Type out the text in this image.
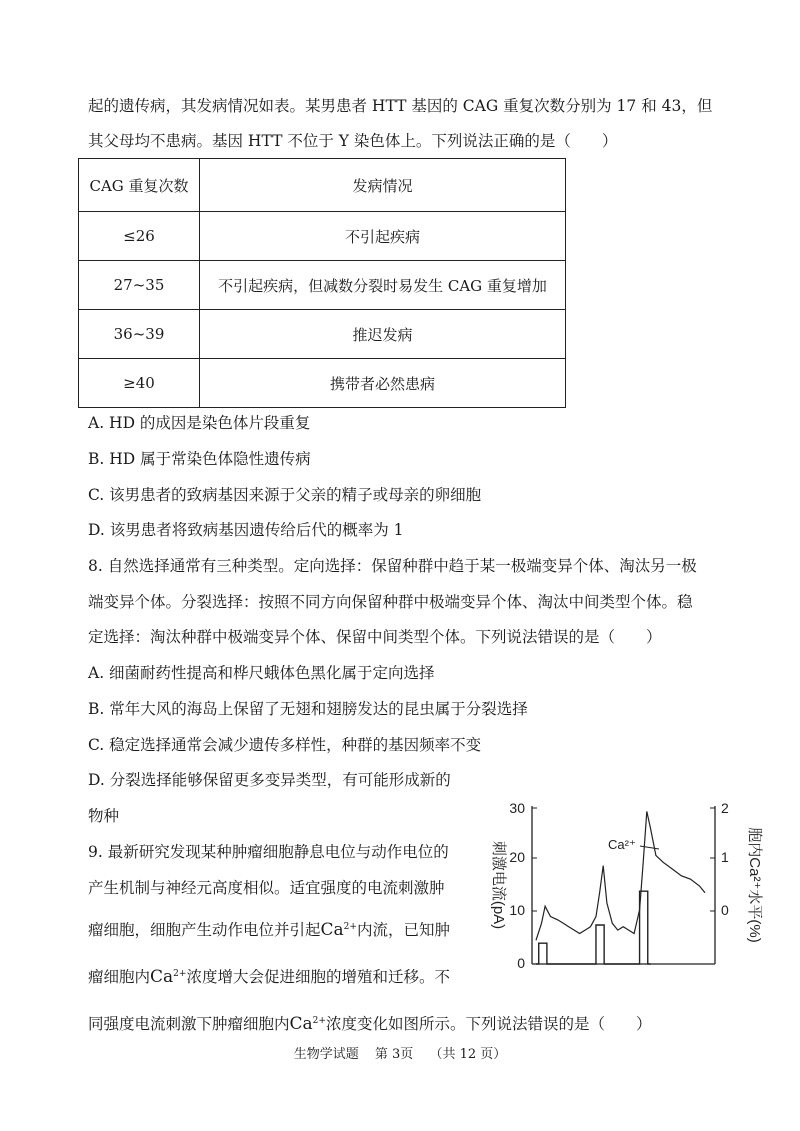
起的遗传病，其发病情况如表。某男患者 HTT 基因的 CAG 重复次数分别为 17 和 43，但
其父母均不患病。基因 HTT 不位于 Y 染色体上。下列说法正确的是（　　）
CAG 重复次数	发病情况
≤26	不引起疾病
27~35	不引起疾病，但减数分裂时易发生 CAG 重复增加
36~39	推迟发病
≥40	携带者必然患病
A. HD 的成因是染色体片段重复
B. HD 属于常染色体隐性遗传病
C. 该男患者的致病基因来源于父亲的精子或母亲的卵细胞
D. 该男患者将致病基因遗传给后代的概率为 1
8. 自然选择通常有三种类型。定向选择：保留种群中趋于某一极端变异个体、淘汰另一极
端变异个体。分裂选择：按照不同方向保留种群中极端变异个体、淘汰中间类型个体。稳
定选择：淘汰种群中极端变异个体、保留中间类型个体。下列说法错误的是（　　）
A. 细菌耐药性提高和桦尺蛾体色黑化属于定向选择
B. 常年大风的海岛上保留了无翅和翅膀发达的昆虫属于分裂选择
C. 稳定选择通常会减少遗传多样性，种群的基因频率不变
D. 分裂选择能够保留更多变异类型，有可能形成新的
物种
9. 最新研究发现某种肿瘤细胞静息电位与动作电位的
产生机制与神经元高度相似。适宜强度的电流刺激肿
瘤细胞，细胞产生动作电位并引起$Ca^{2+}$内流，已知肿
瘤细胞内$Ca^{2+}$浓度增大会促进细胞的增殖和迁移。不
同强度电流刺激下肿瘤细胞内$Ca^{2+}$浓度变化如图所示。下列说法错误的是（　　）
0
10
20
30
0
1
2
刺激电流(pA)	胞内Ca²⁺水平(%)
Ca²⁺
生物学试题 第 3页 （共 12 页）
